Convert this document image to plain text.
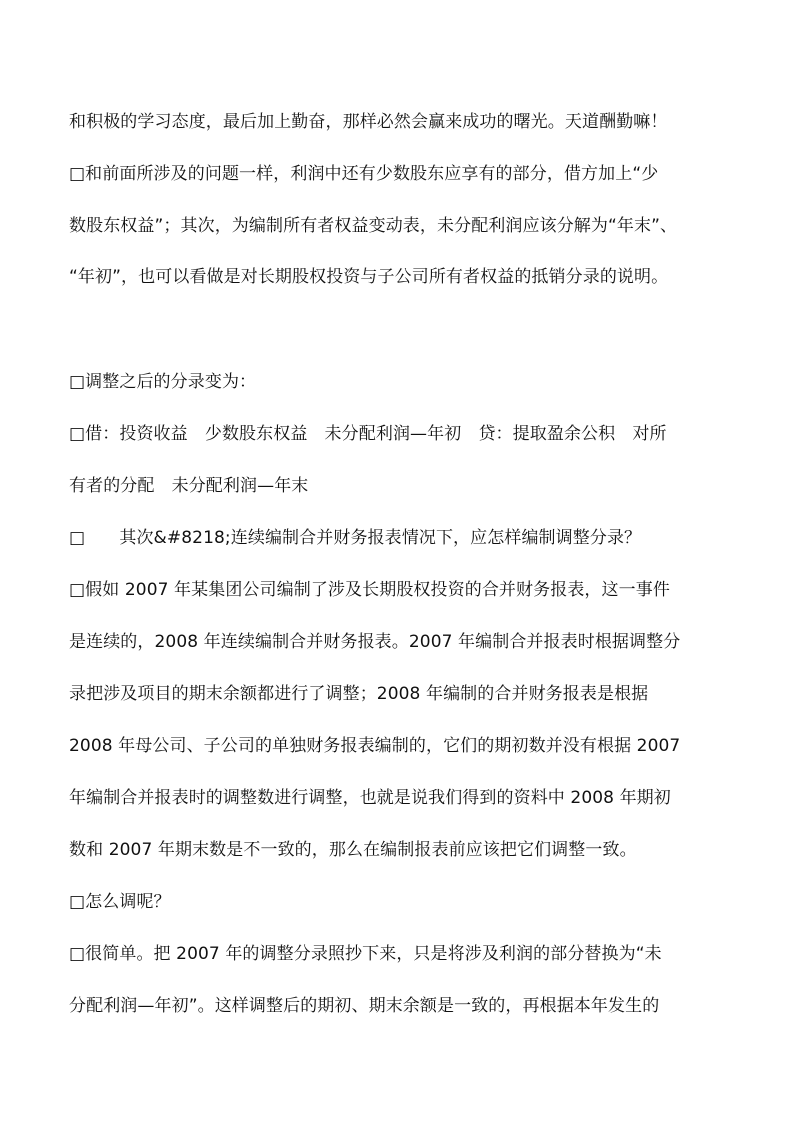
和积极的学习态度，最后加上勤奋，那样必然会赢来成功的曙光。天道酬勤嘛！
□和前面所涉及的问题一样，利润中还有少数股东应享有的部分，借方加上“少
数股东权益”；其次，为编制所有者权益变动表，未分配利润应该分解为“年末”、
“年初”，也可以看做是对长期股权投资与子公司所有者权益的抵销分录的说明。
□调整之后的分录变为：
□借：投资收益　少数股东权益　未分配利润—年初　贷：提取盈余公积　对所
有者的分配　未分配利润—年末
□　　其次&#8218;连续编制合并财务报表情况下，应怎样编制调整分录？
□假如 2007 年某集团公司编制了涉及长期股权投资的合并财务报表，这一事件
是连续的，2008 年连续编制合并财务报表。2007 年编制合并报表时根据调整分
录把涉及项目的期末余额都进行了调整；2008 年编制的合并财务报表是根据
2008 年母公司、子公司的单独财务报表编制的，它们的期初数并没有根据 2007
年编制合并报表时的调整数进行调整，也就是说我们得到的资料中 2008 年期初
数和 2007 年期末数是不一致的，那么在编制报表前应该把它们调整一致。
□怎么调呢？
□很简单。把 2007 年的调整分录照抄下来，只是将涉及利润的部分替换为“未
分配利润—年初”。这样调整后的期初、期末余额是一致的，再根据本年发生的
